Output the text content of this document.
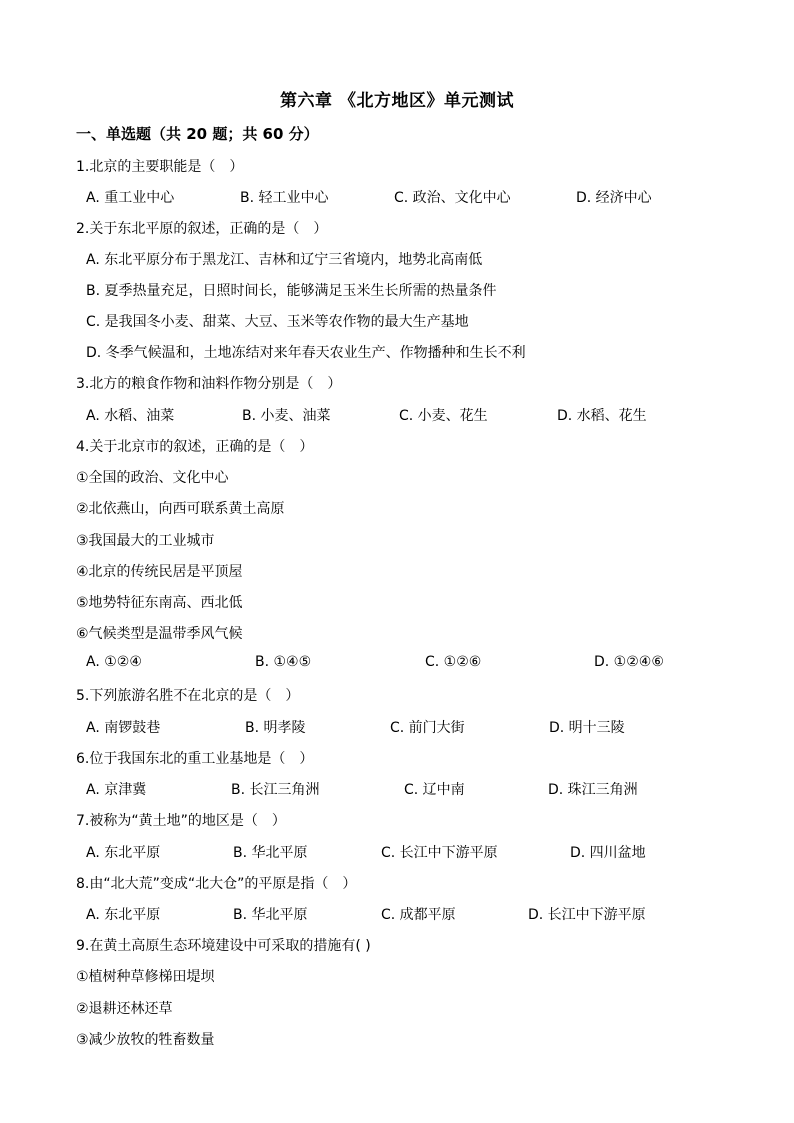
第六章 《北方地区》单元测试
一、单选题（共 20 题；共 60 分）
1.北京的主要职能是（　）
A. 重工业中心	B. 轻工业中心	C. 政治、文化中心	D. 经济中心
2.关于东北平原的叙述，正确的是（　）
A. 东北平原分布于黑龙江、吉林和辽宁三省境内，地势北高南低
B. 夏季热量充足，日照时间长，能够满足玉米生长所需的热量条件
C. 是我国冬小麦、甜菜、大豆、玉米等农作物的最大生产基地
D. 冬季气候温和，土地冻结对来年春天农业生产、作物播种和生长不利
3.北方的粮食作物和油料作物分别是（　）
A. 水稻、油菜	B. 小麦、油菜	C. 小麦、花生	D. 水稻、花生
4.关于北京市的叙述，正确的是（　）
①全国的政治、文化中心
②北依燕山，向西可联系黄土高原
③我国最大的工业城市
④北京的传统民居是平顶屋
⑤地势特征东南高、西北低
⑥气候类型是温带季风气候
A. ①②④	B. ①④⑤	C. ①②⑥	D. ①②④⑥
5.下列旅游名胜不在北京的是（　）
A. 南锣鼓巷	B. 明孝陵	C. 前门大街	D. 明十三陵
6.位于我国东北的重工业基地是（　）
A. 京津冀	B. 长江三角洲	C. 辽中南	D. 珠江三角洲
7.被称为“黄土地”的地区是（　）
A. 东北平原	B. 华北平原	C. 长江中下游平原	D. 四川盆地
8.由“北大荒”变成“北大仓”的平原是指（　）
A. 东北平原	B. 华北平原	C. 成都平原	D. 长江中下游平原
9.在黄土高原生态环境建设中可采取的措施有( )
①植树种草修梯田堤坝
②退耕还林还草
③减少放牧的牲畜数量
